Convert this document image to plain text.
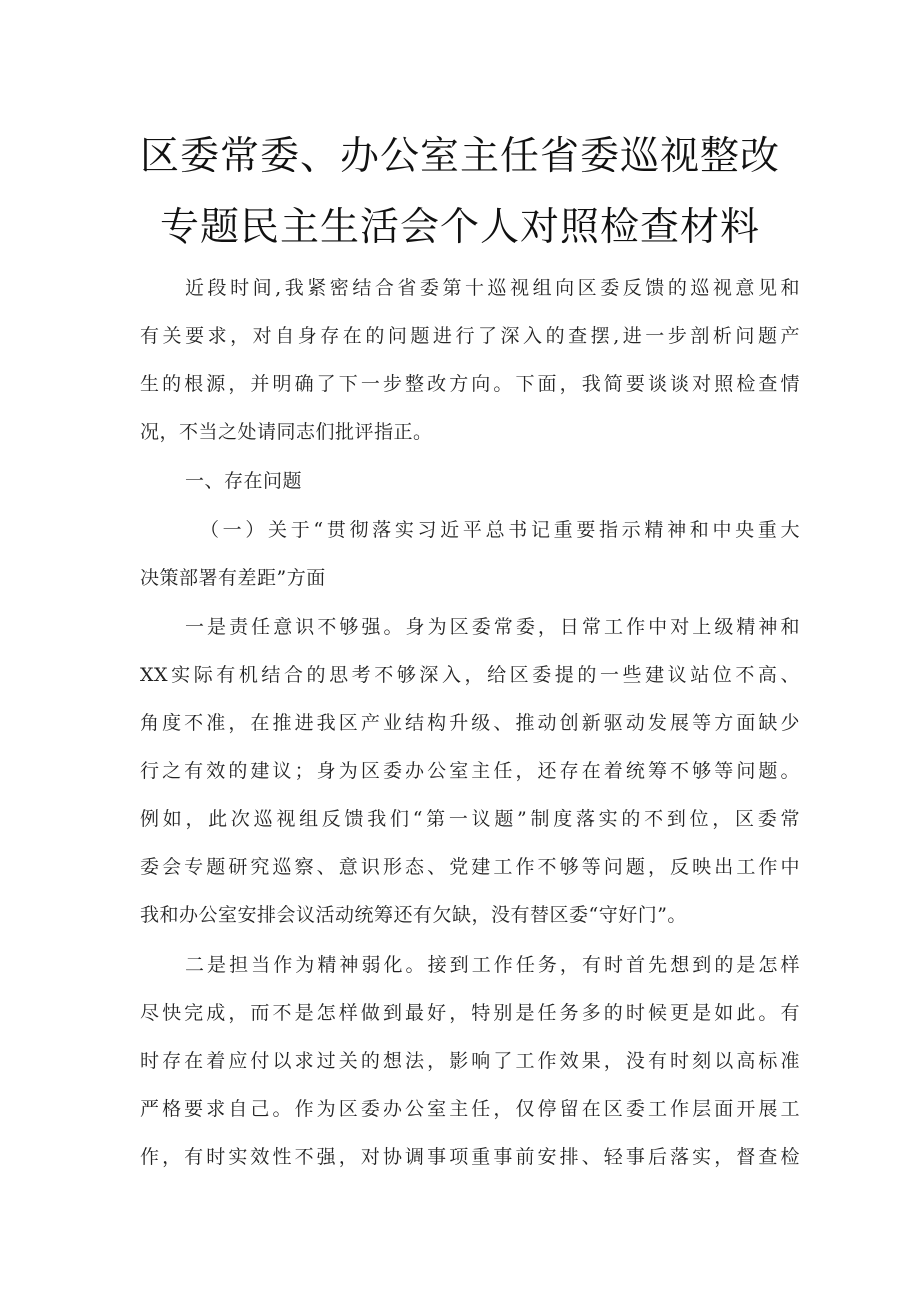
区委常委、办公室主任省委巡视整改
专题民主生活会个人对照检查材料
近段时间,我紧密结合省委第十巡视组向区委反馈的巡视意见和
有关要求，对自身存在的问题进行了深入的查摆,进一步剖析问题产
生的根源，并明确了下一步整改方向。下面，我简要谈谈对照检查情
况，不当之处请同志们批评指正。
一、存在问题
（一）关于“贯彻落实习近平总书记重要指示精神和中央重大
决策部署有差距”方面
一是责任意识不够强。身为区委常委，日常工作中对上级精神和
XX实际有机结合的思考不够深入，给区委提的一些建议站位不高、
角度不准，在推进我区产业结构升级、推动创新驱动发展等方面缺少
行之有效的建议；身为区委办公室主任，还存在着统筹不够等问题。
例如，此次巡视组反馈我们“第一议题”制度落实的不到位，区委常
委会专题研究巡察、意识形态、党建工作不够等问题，反映出工作中
我和办公室安排会议活动统筹还有欠缺，没有替区委“守好门”。
二是担当作为精神弱化。接到工作任务，有时首先想到的是怎样
尽快完成，而不是怎样做到最好，特别是任务多的时候更是如此。有
时存在着应付以求过关的想法，影响了工作效果，没有时刻以高标准
严格要求自己。作为区委办公室主任，仅停留在区委工作层面开展工
作，有时实效性不强，对协调事项重事前安排、轻事后落实，督查检
